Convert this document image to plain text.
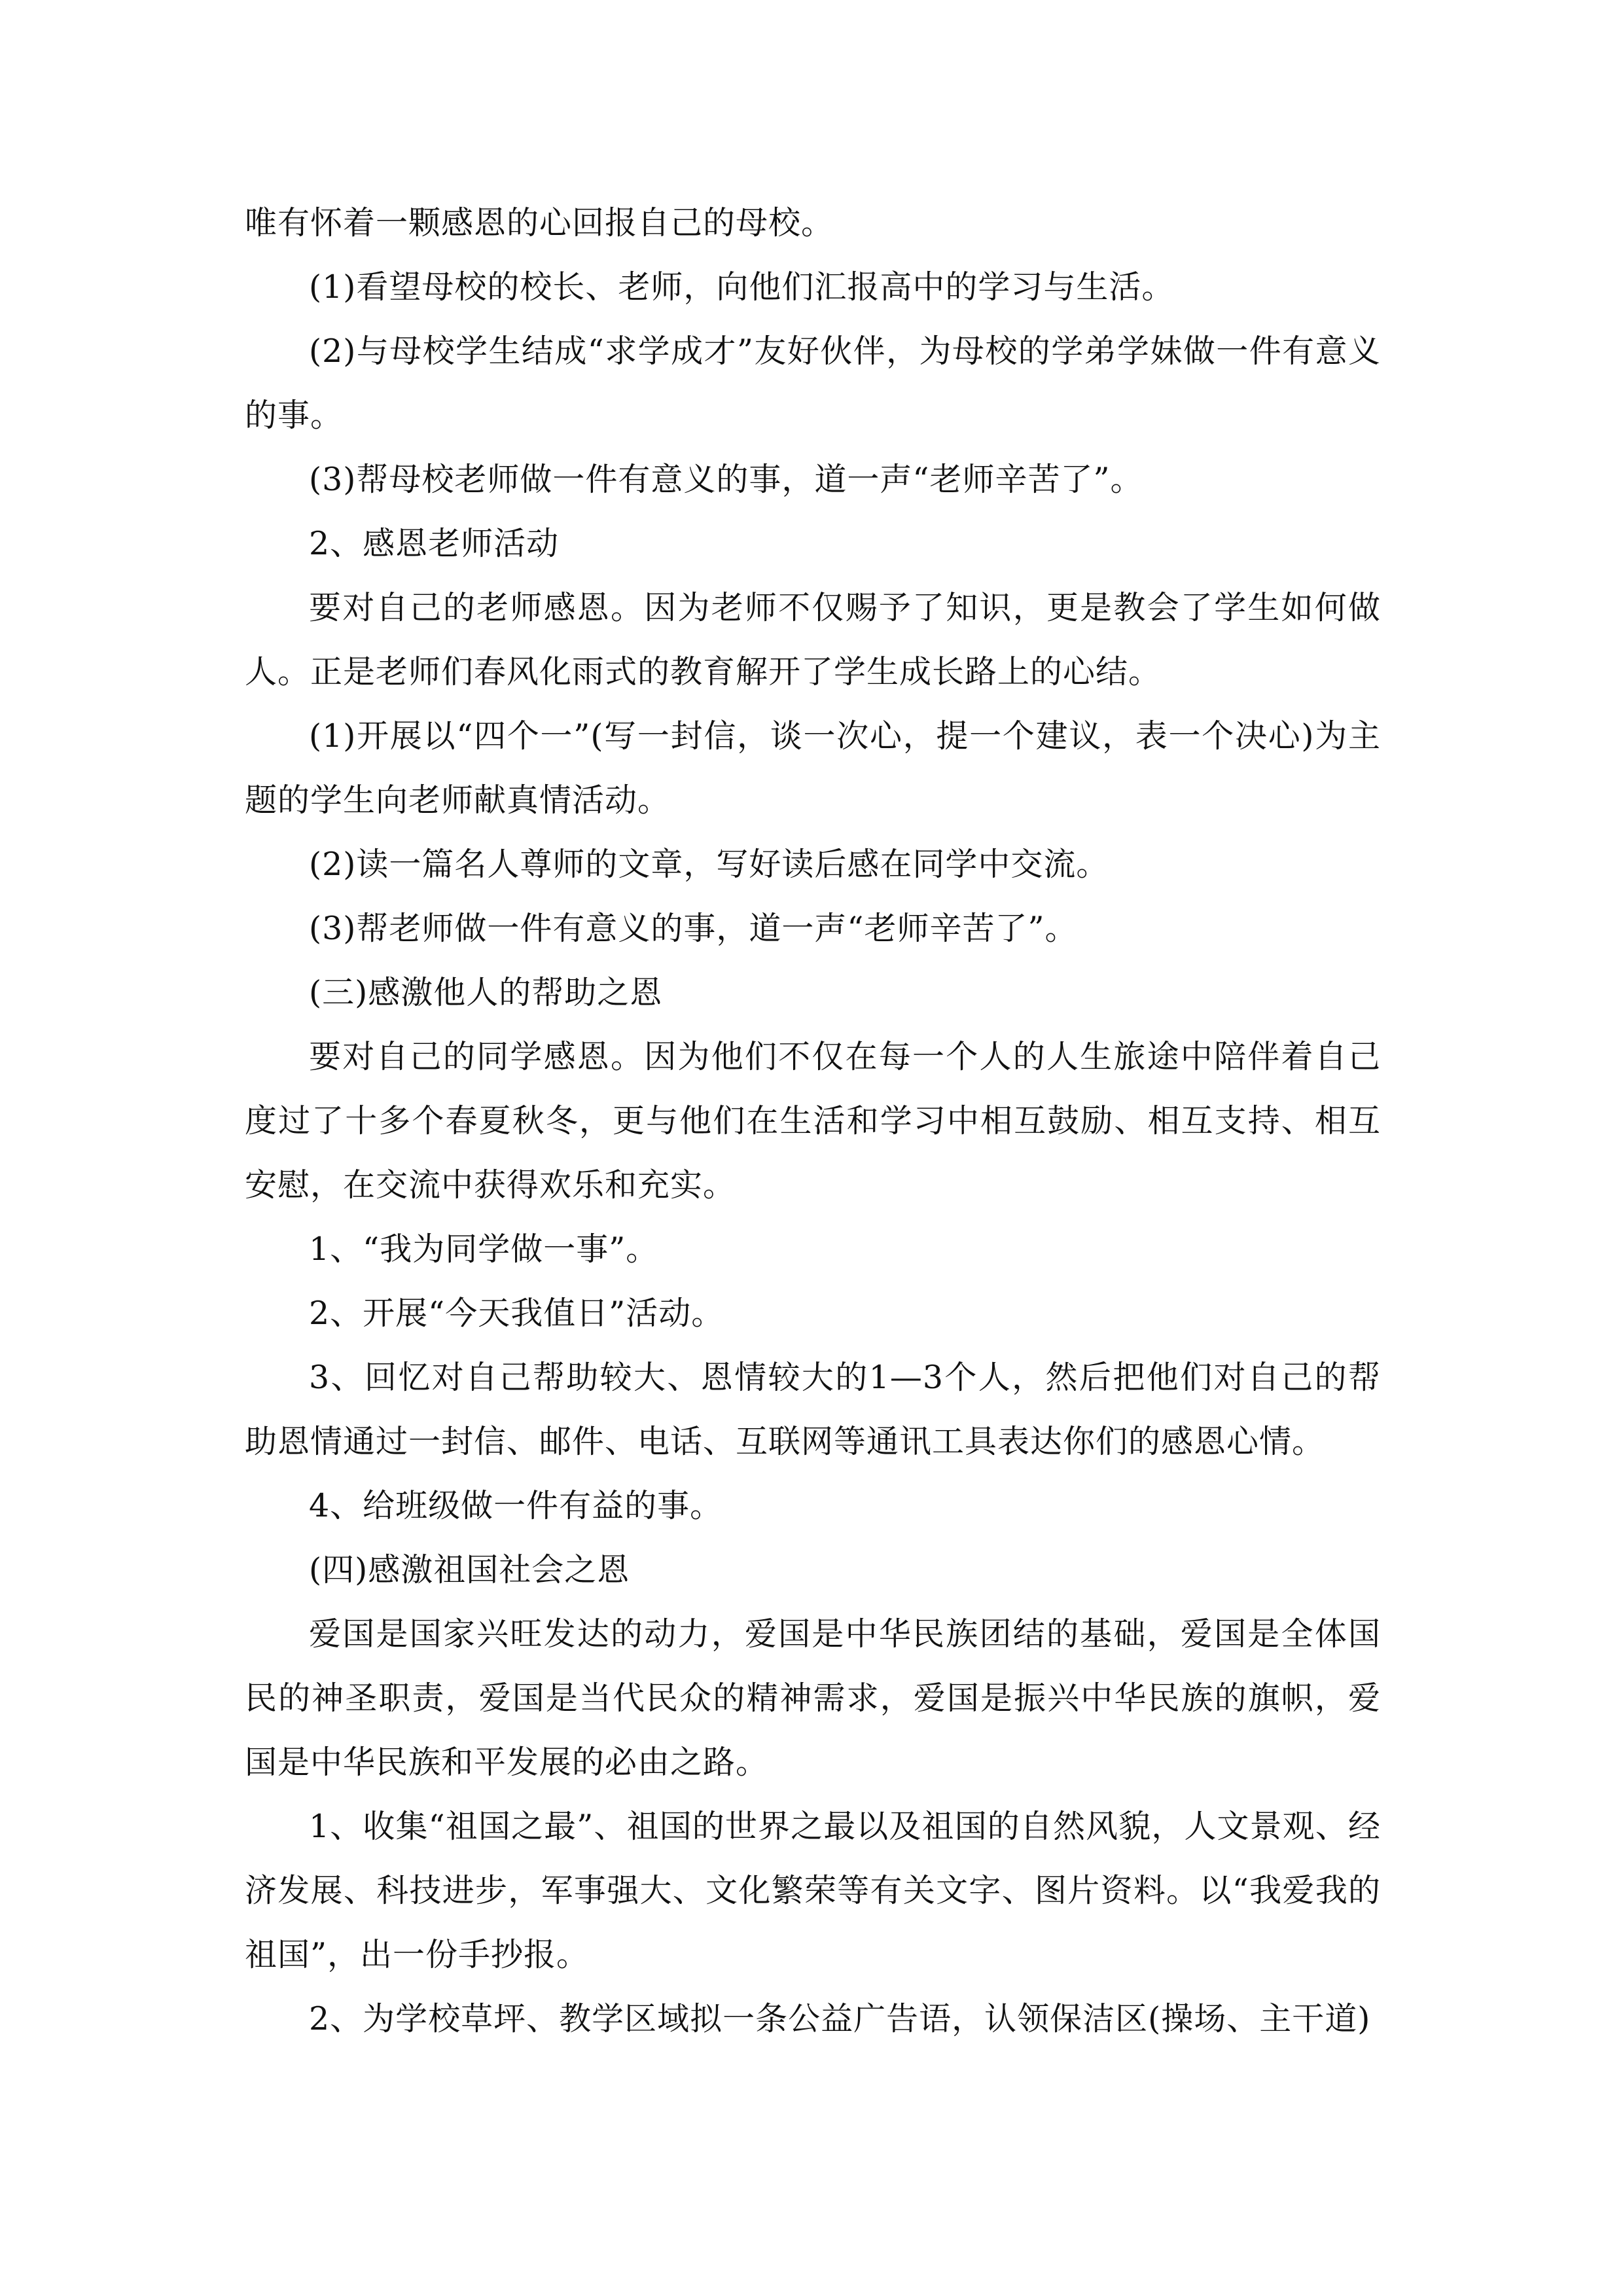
唯有怀着一颗感恩的心回报自己的母校。

(1)看望母校的校长、老师，向他们汇报高中的学习与生活。

(2)与母校学生结成“求学成才”友好伙伴，为母校的学弟学妹做一件有意义的事。

(3)帮母校老师做一件有意义的事，道一声“老师辛苦了”。

2、感恩老师活动

要对自己的老师感恩。因为老师不仅赐予了知识，更是教会了学生如何做人。正是老师们春风化雨式的教育解开了学生成长路上的心结。

(1)开展以“四个一”(写一封信，谈一次心，提一个建议，表一个决心)为主题的学生向老师献真情活动。

(2)读一篇名人尊师的文章，写好读后感在同学中交流。

(3)帮老师做一件有意义的事，道一声“老师辛苦了”。

(三)感激他人的帮助之恩

要对自己的同学感恩。因为他们不仅在每一个人的人生旅途中陪伴着自己度过了十多个春夏秋冬，更与他们在生活和学习中相互鼓励、相互支持、相互安慰，在交流中获得欢乐和充实。

1、“我为同学做一事”。

2、开展“今天我值日”活动。

3、回忆对自己帮助较大、恩情较大的1—3个人，然后把他们对自己的帮助恩情通过一封信、邮件、电话、互联网等通讯工具表达你们的感恩心情。

4、给班级做一件有益的事。

(四)感激祖国社会之恩

爱国是国家兴旺发达的动力，爱国是中华民族团结的基础，爱国是全体国民的神圣职责，爱国是当代民众的精神需求，爱国是振兴中华民族的旗帜，爱国是中华民族和平发展的必由之路。

1、收集“祖国之最”、祖国的世界之最以及祖国的自然风貌，人文景观、经济发展、科技进步，军事强大、文化繁荣等有关文字、图片资料。以“我爱我的祖国”，出一份手抄报。

2、为学校草坪、教学区域拟一条公益广告语，认领保洁区(操场、主干道)
